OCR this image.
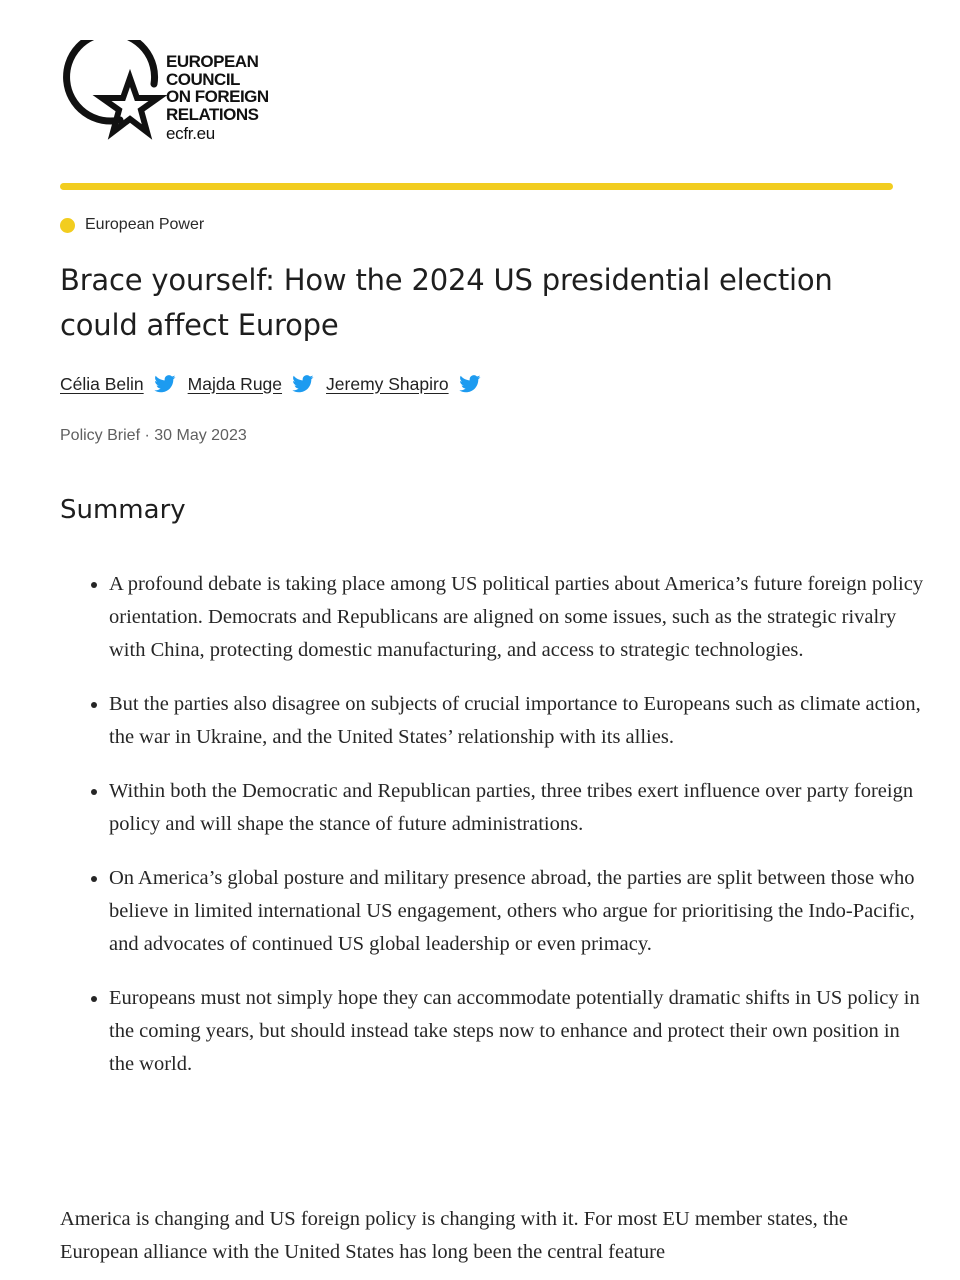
EUROPEAN
COUNCIL
ON FOREIGN
RELATIONS
ecfr.eu
European Power
Brace yourself: How the 2024 US presidential election could affect Europe
Célia Belin	Majda Ruge	Jeremy Shapiro
Policy Brief · 30 May 2023
Summary
• A profound debate is taking place among US political parties about America’s future foreign policy orientation. Democrats and Republicans are aligned on some issues, such as the strategic rivalry with China, protecting domestic manufacturing, and access to strategic technologies.
• But the parties also disagree on subjects of crucial importance to Europeans such as climate action, the war in Ukraine, and the United States’ relationship with its allies.
• Within both the Democratic and Republican parties, three tribes exert influence over party foreign policy and will shape the stance of future administrations.
• On America’s global posture and military presence abroad, the parties are split between those who believe in limited international US engagement, others who argue for prioritising the Indo-Pacific, and advocates of continued US global leadership or even primacy.
• Europeans must not simply hope they can accommodate potentially dramatic shifts in US policy in the coming years, but should instead take steps now to enhance and protect their own position in the world.

America is changing and US foreign policy is changing with it. For most EU member states, the European alliance with the United States has long been the central feature
